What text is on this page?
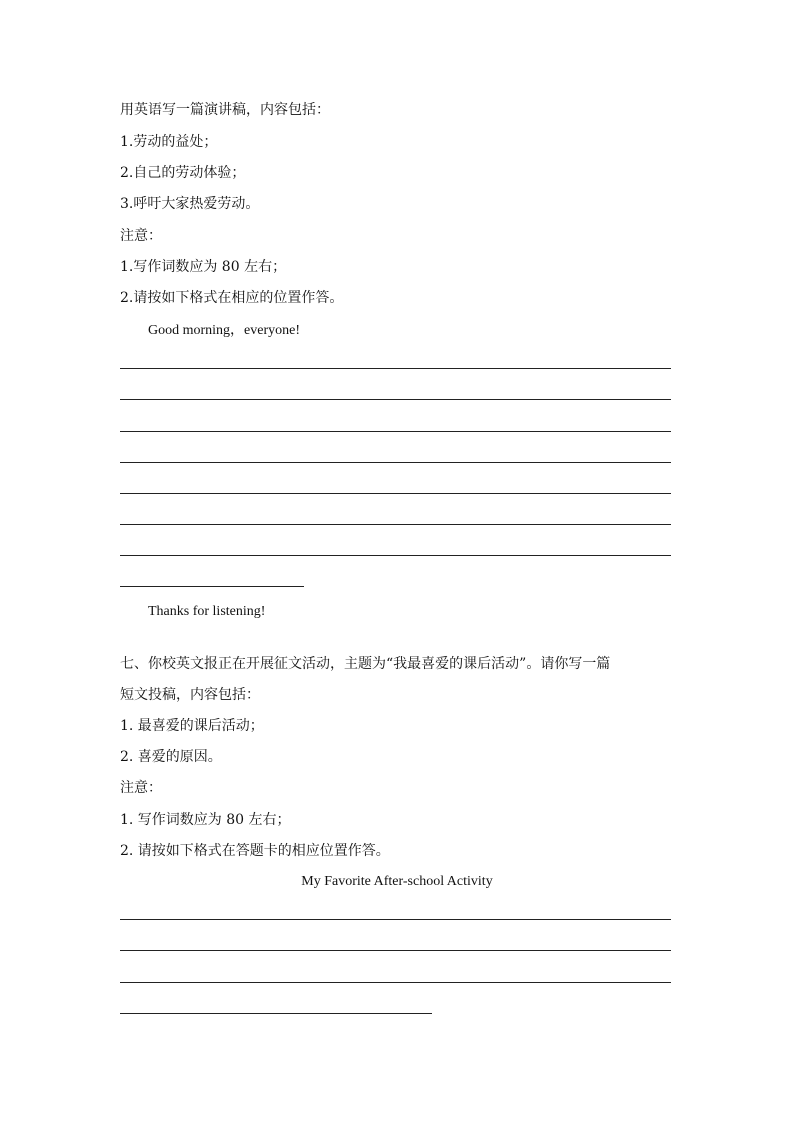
用英语写一篇演讲稿，内容包括：
1.劳动的益处；
2.自己的劳动体验；
3.呼吁大家热爱劳动。
注意：
1.写作词数应为 80 左右；
2.请按如下格式在相应的位置作答。
Good morning，everyone!
Thanks for listening!
七、你校英文报正在开展征文活动，主题为“我最喜爱的课后活动”。请你写一篇
短文投稿，内容包括：
1. 最喜爱的课后活动；
2. 喜爱的原因。
注意：
1. 写作词数应为 80 左右；
2. 请按如下格式在答题卡的相应位置作答。
My Favorite After-school Activity
